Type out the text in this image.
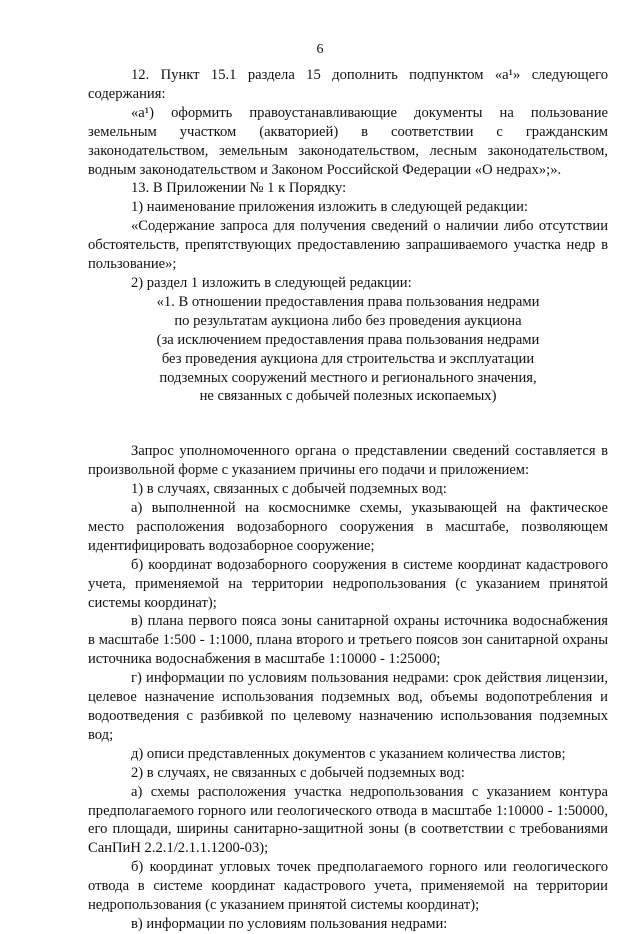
6

12. Пункт 15.1 раздела 15 дополнить подпунктом «а¹» следующего содержания:

«а¹) оформить правоустанавливающие документы на пользование земельным участком (акваторией) в соответствии с гражданским законодательством, земельным законодательством, лесным законодательством, водным законодательством и Законом Российской Федерации «О недрах»;».

13. В Приложении № 1 к Порядку:

1) наименование приложения изложить в следующей редакции:

«Содержание запроса для получения сведений о наличии либо отсутствии обстоятельств, препятствующих предоставлению запрашиваемого участка недр в пользование»;

2) раздел 1 изложить в следующей редакции:

«1. В отношении предоставления права пользования недрами

по результатам аукциона либо без проведения аукциона

(за исключением предоставления права пользования недрами

без проведения аукциона для строительства и эксплуатации

подземных сооружений местного и регионального значения,

не связанных с добычей полезных ископаемых)

Запрос уполномоченного органа о представлении сведений составляется в произвольной форме с указанием причины его подачи и приложением:

1) в случаях, связанных с добычей подземных вод:

а) выполненной на космоснимке схемы, указывающей на фактическое место расположения водозаборного сооружения в масштабе, позволяющем идентифицировать водозаборное сооружение;

б) координат водозаборного сооружения в системе координат кадастрового учета, применяемой на территории недропользования (с указанием принятой системы координат);

в) плана первого пояса зоны санитарной охраны источника водоснабжения в масштабе 1:500 - 1:1000, плана второго и третьего поясов зон санитарной охраны источника водоснабжения в масштабе 1:10000 - 1:25000;

г) информации по условиям пользования недрами: срок действия лицензии, целевое назначение использования подземных вод, объемы водопотребления и водоотведения с разбивкой по целевому назначению использования подземных вод;

д) описи представленных документов с указанием количества листов;

2) в случаях, не связанных с добычей подземных вод:

а) схемы расположения участка недропользования с указанием контура предполагаемого горного или геологического отвода в масштабе 1:10000 - 1:50000, его площади, ширины санитарно-защитной зоны (в соответствии с требованиями СанПиН 2.2.1/2.1.1.1200-03);

б) координат угловых точек предполагаемого горного или геологического отвода в системе координат кадастрового учета, применяемой на территории недропользования (с указанием принятой системы координат);

в) информации по условиям пользования недрами:
